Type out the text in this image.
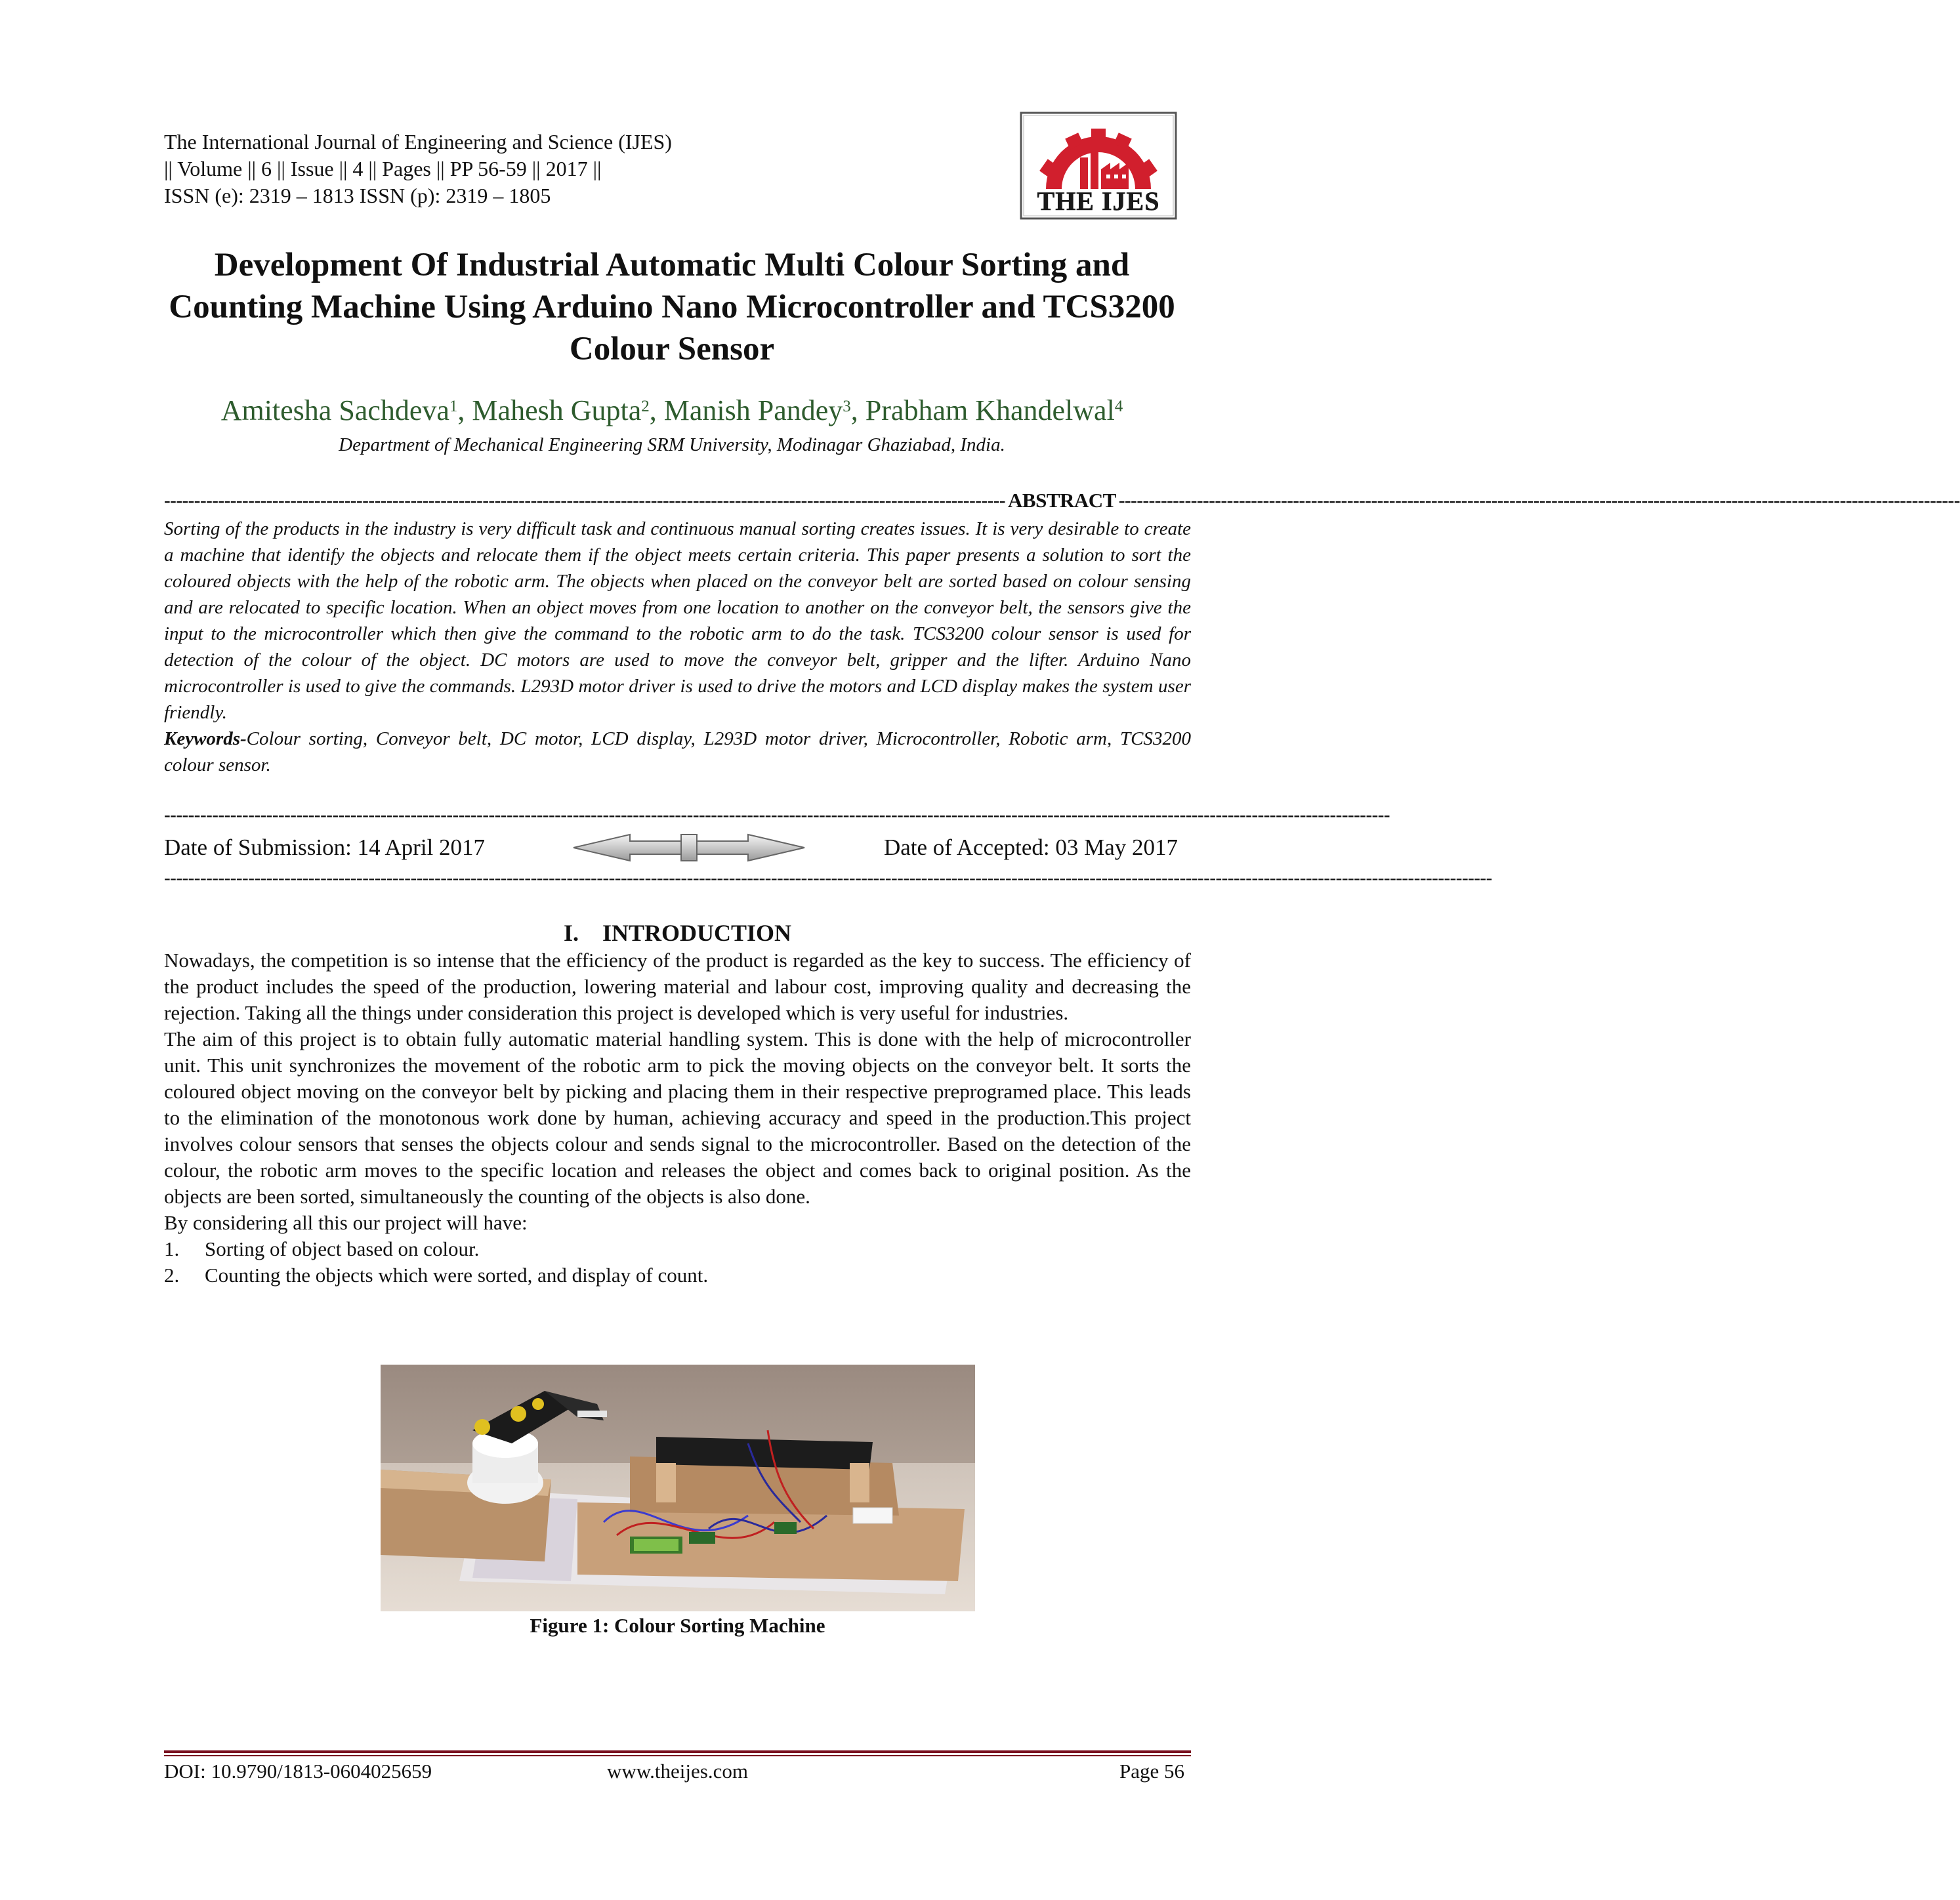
The International Journal of Engineering and Science (IJES)
|| Volume || 6 || Issue || 4 || Pages || PP 56-59 || 2017 ||
ISSN (e): 2319 – 1813 ISSN (p): 2319 – 1805	THE IJES
Development Of Industrial Automatic Multi Colour Sorting and Counting Machine Using Arduino Nano Microcontroller and TCS3200 Colour Sensor
Amitesha Sachdeva$^1$, Mahesh Gupta$^2$, Manish Pandey$^3$, Prabham Khandelwal$^4$
Department of Mechanical Engineering SRM University, Modinagar Ghaziabad, India.
-------------------------------------------------------------------------------------------------------------------------------------------- ABSTRACT --------------------------------------------------------------------------------------------------------------------------------------------

Sorting of the products in the industry is very difficult task and continuous manual sorting creates issues. It is very desirable to create a machine that identify the objects and relocate them if the object meets certain criteria. This paper presents a solution to sort the coloured objects with the help of the robotic arm. The objects when placed on the conveyor belt are sorted based on colour sensing and are relocated to specific location. When an object moves from one location to another on the conveyor belt, the sensors give the input to the microcontroller which then give the command to the robotic arm to do the task. TCS3200 colour sensor is used for detection of the colour of the object. DC motors are used to move the conveyor belt, gripper and the lifter. Arduino Nano microcontroller is used to give the commands. L293D motor driver is used to drive the motors and LCD display makes the system user friendly.

Keywords-Colour sorting, Conveyor belt, DC motor, LCD display, L293D motor driver, Microcontroller, Robotic arm, TCS3200 colour sensor.

------------------------------------------------------------------------------------------------------------------------------------------------------------------------------------------------------------
Date of Submission: 14 April 2017	Date of Accepted: 03 May 2017
-----------------------------------------------------------------------------------------------------------------------------------------------------------------------------------------------------------------------------
I.    INTRODUCTION

Nowadays, the competition is so intense that the efficiency of the product is regarded as the key to success. The efficiency of the product includes the speed of the production, lowering material and labour cost, improving quality and decreasing the rejection. Taking all the things under consideration this project is developed which is very useful for industries.

The aim of this project is to obtain fully automatic material handling system. This is done with the help of microcontroller unit. This unit synchronizes the movement of the robotic arm to pick the moving objects on the conveyor belt. It sorts the coloured object moving on the conveyor belt by picking and placing them in their respective preprogramed place. This leads to the elimination of the monotonous work done by human, achieving accuracy and speed in the production.This project involves colour sensors that senses the objects colour and sends signal to the microcontroller. Based on the detection of the colour, the robotic arm moves to the specific location and releases the object and comes back to original position. As the objects are been sorted, simultaneously the counting of the objects is also done.

By considering all this our project will have:

1.	Sorting of object based on colour.
2.	Counting the objects which were sorted, and display of count.
Figure 1: Colour Sorting Machine
www.theijes.com
DOI: 10.9790/1813-0604025659	Page 56
